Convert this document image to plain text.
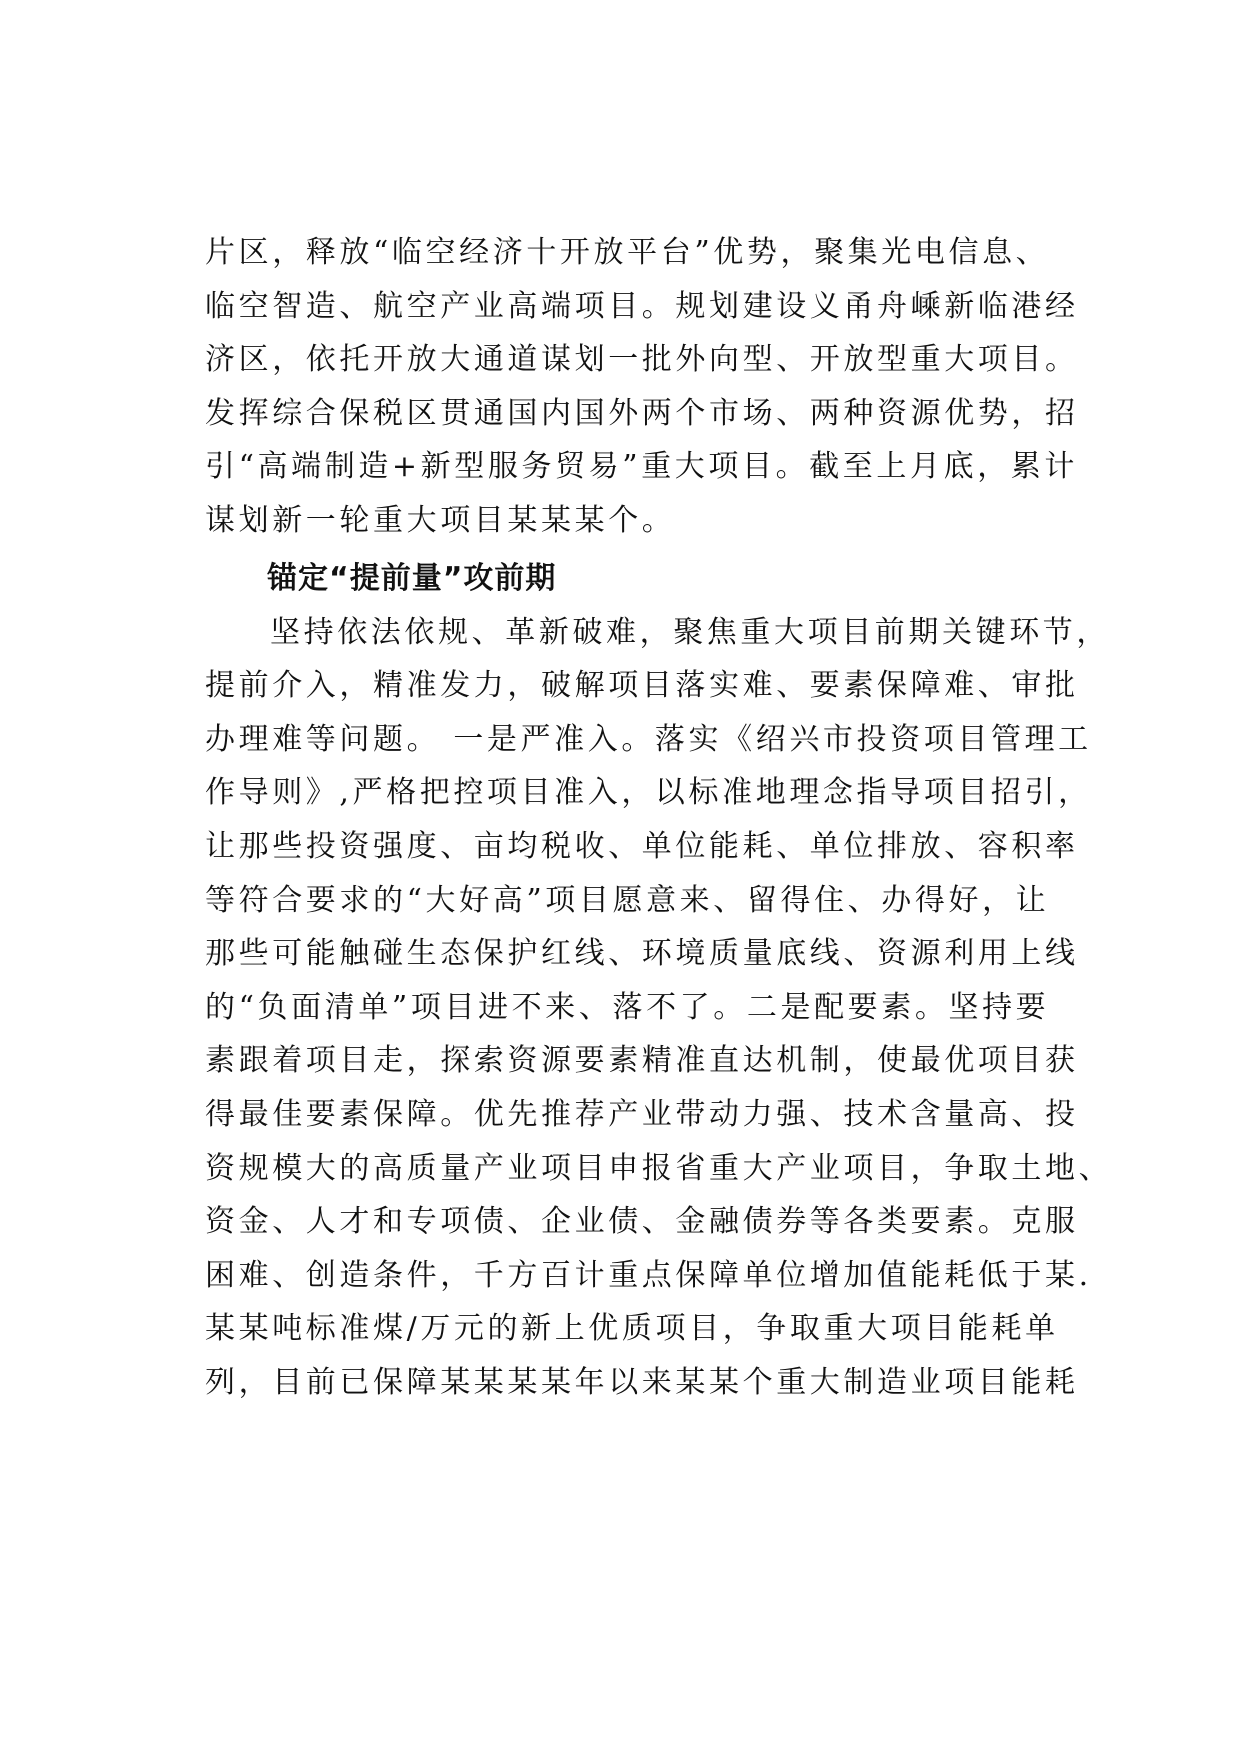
片区，释放“临空经济十开放平台”优势，聚集光电信息、
临空智造、航空产业高端项目。规划建设义甬舟嵊新临港经
济区，依托开放大通道谋划一批外向型、开放型重大项目。
发挥综合保税区贯通国内国外两个市场、两种资源优势，招
引“高端制造+新型服务贸易”重大项目。截至上月底，累计
谋划新一轮重大项目某某某个。
锚定“提前量”攻前期
坚持依法依规、革新破难，聚焦重大项目前期关键环节，
提前介入，精准发力，破解项目落实难、要素保障难、审批
办理难等问题。 一是严准入。落实《绍兴市投资项目管理工
作导则》,严格把控项目准入，以标准地理念指导项目招引，
让那些投资强度、亩均税收、单位能耗、单位排放、容积率
等符合要求的“大好高”项目愿意来、留得住、办得好，让
那些可能触碰生态保护红线、环境质量底线、资源利用上线
的“负面清单”项目进不来、落不了。二是配要素。坚持要
素跟着项目走，探索资源要素精准直达机制，使最优项目获
得最佳要素保障。优先推荐产业带动力强、技术含量高、投
资规模大的高质量产业项目申报省重大产业项目，争取土地、
资金、人才和专项债、企业债、金融债券等各类要素。克服
困难、创造条件，千方百计重点保障单位增加值能耗低于某.
某某吨标准煤/万元的新上优质项目，争取重大项目能耗单
列，目前已保障某某某某年以来某某个重大制造业项目能耗
